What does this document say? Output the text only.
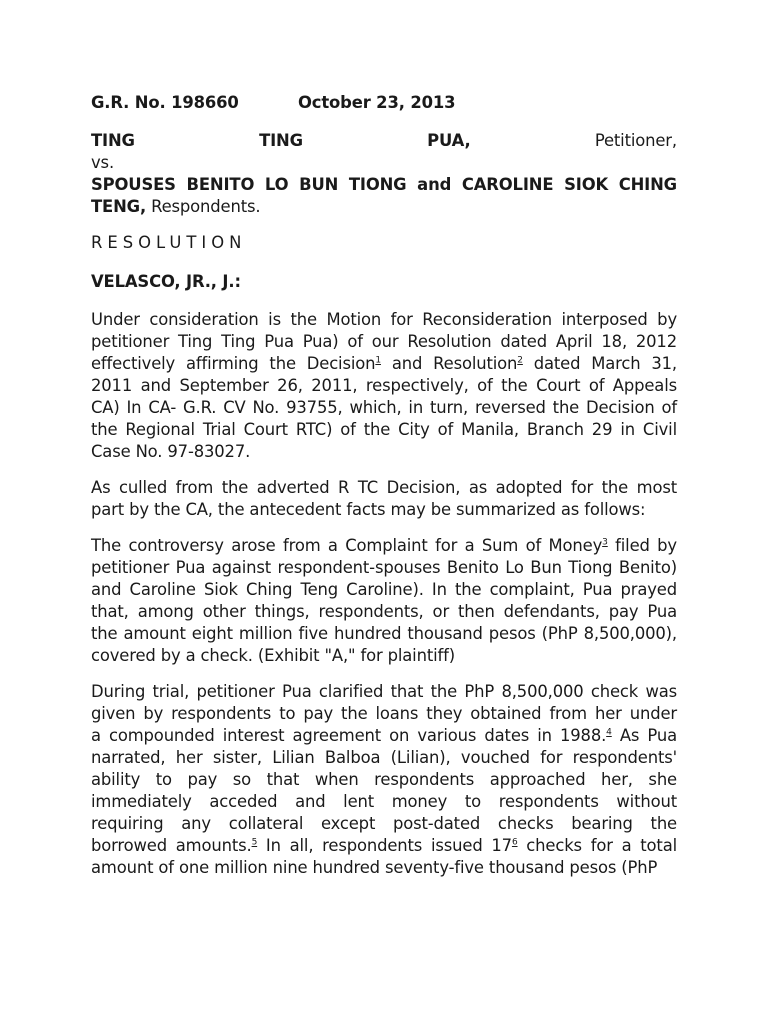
G.R. No. 198660	October 23, 2013
TING	TING	PUA,	Petitioner,
vs.
SPOUSES BENITO LO BUN TIONG and CAROLINE SIOK CHING
TENG, Respondents.
RESOLUTION
VELASCO, JR., J.:
Under consideration is the Motion for Reconsideration interposed by
petitioner Ting Ting Pua Pua) of our Resolution dated April 18, 2012
effectively affirming the Decision$^1$ and Resolution$^2$ dated March 31,
2011 and September 26, 2011, respectively, of the Court of Appeals
CA) In CA- G.R. CV No. 93755, which, in turn, reversed the Decision of
the Regional Trial Court RTC) of the City of Manila, Branch 29 in Civil
Case No. 97-83027.
As culled from the adverted R TC Decision, as adopted for the most
part by the CA, the antecedent facts may be summarized as follows:
The controversy arose from a Complaint for a Sum of Money$^3$ filed by
petitioner Pua against respondent-spouses Benito Lo Bun Tiong Benito)
and Caroline Siok Ching Teng Caroline). In the complaint, Pua prayed
that, among other things, respondents, or then defendants, pay Pua
the amount eight million five hundred thousand pesos (PhP 8,500,000),
covered by a check. (Exhibit "A," for plaintiff)
During trial, petitioner Pua clarified that the PhP 8,500,000 check was
given by respondents to pay the loans they obtained from her under
a compounded interest agreement on various dates in 1988.$^4$ As Pua
narrated, her sister, Lilian Balboa (Lilian), vouched for respondents'
ability to pay so that when respondents approached her, she
immediately acceded and lent money to respondents without
requiring any collateral except post-dated checks bearing the
borrowed amounts.$^5$ In all, respondents issued $17^6$ checks for a total
amount of one million nine hundred seventy-five thousand pesos (PhP
